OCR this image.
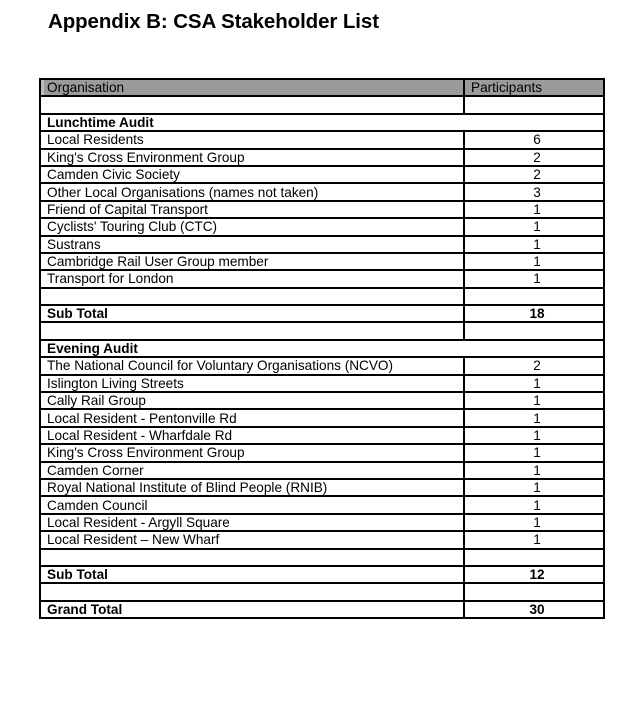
Appendix B: CSA Stakeholder List
Organisation	Participants

Lunchtime Audit	
Local Residents	6
King's Cross Environment Group	2
Camden Civic Society	2
Other Local Organisations (names not taken)	3
Friend of Capital Transport	1
Cyclists' Touring Club (CTC)	1
Sustrans	1
Cambridge Rail User Group member	1
Transport for London	1

Sub Total	18

Evening Audit	
The National Council for Voluntary Organisations (NCVO)	2
Islington Living Streets	1
Cally Rail Group	1
Local Resident - Pentonville Rd	1
Local Resident - Wharfdale Rd	1
King's Cross Environment Group	1
Camden Corner	1
Royal National Institute of Blind People (RNIB)	1
Camden Council	1
Local Resident - Argyll Square	1
Local Resident – New Wharf	1

Sub Total	12

Grand Total	30
